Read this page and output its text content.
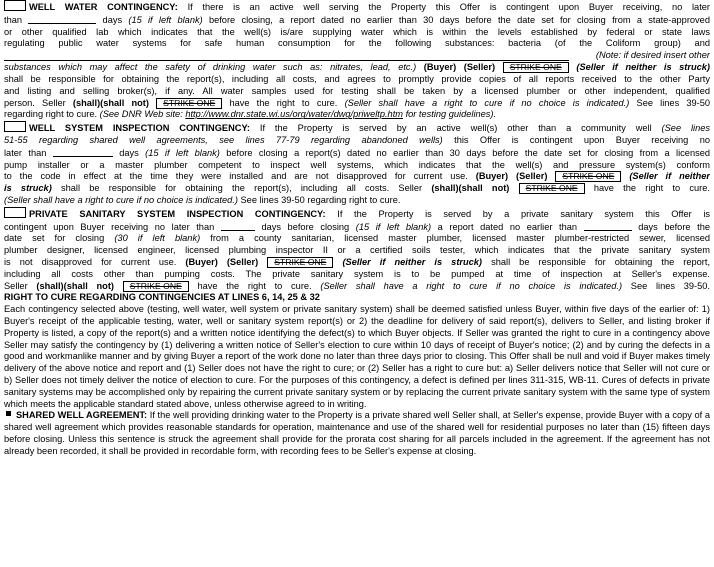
WELL WATER CONTINGENCY: If there is an active well serving the Property this Offer is contingent upon Buyer receiving, no later
than	days (15 if left blank) before closing, a report dated no earlier than 30 days before the date set for closing from a state-approved
or other qualified lab which indicates that the well(s) is/are supplying water which is within the levels established by federal or state laws
regulating public water systems for safe human consumption for the following substances: bacteria (of the Coliform group) and
(Note: if desired insert other
substances which may affect the safety of drinking water such as: nitrates, lead, etc.) (Buyer) (Seller) STRIKE ONE (Seller if neither is struck)
shall be responsible for obtaining the report(s), including all costs, and agrees to promptly provide copies of all reports received to the other Party
and listing and selling broker(s), if any. All water samples used for testing shall be taken by a licensed plumber or other independent, qualified
person. Seller (shall)(shall not) STRIKE ONE have the right to cure. (Seller shall have a right to cure if no choice is indicated.) See lines 39-50
regarding right to cure. (See DNR Web site: http://www.dnr.state.wi.us/org/water/dwg/priweltp.htm for testing guidelines).
WELL SYSTEM INSPECTION CONTINGENCY: If the Property is served by an active well(s) other than a community well (See lines
51-55 regarding shared well agreements, see lines 77-79 regarding abandoned wells) this Offer is contingent upon Buyer receiving no
later than	days (15 if left blank) before closing a report(s) dated no earlier than 30 days before the date set for closing from a licensed
pump installer or a master plumber competent to inspect well systems, which indicates that the well(s) and pressure system(s) conform
to the code in effect at the time they were installed and are not disapproved for current use. (Buyer) (Seller) STRIKE ONE (Seller if neither
is struck) shall be responsible for obtaining the report(s), including all costs. Seller (shall)(shall not) STRIKE ONE have the right to cure.
(Seller shall have a right to cure if no choice is indicated.) See lines 39-50 regarding right to cure.
PRIVATE SANITARY SYSTEM INSPECTION CONTINGENCY: If the Property is served by a private sanitary system this Offer is
contingent upon Buyer receiving no later than	days before closing (15 if left blank) a report dated no earlier than	days before the
date set for closing (30 if left blank) from a county sanitarian, licensed master plumber, licensed master plumber-restricted sewer, licensed
plumber designer, licensed engineer, licensed plumbing inspector II or a certified soils tester, which indicates that the private sanitary system
is not disapproved for current use. (Buyer) (Seller) STRIKE ONE (Seller if neither is struck) shall be responsible for obtaining the report,
including all costs other than pumping costs. The private sanitary system is to be pumped at time of inspection at Seller's expense.
Seller (shall)(shall not) STRIKE ONE have the right to cure. (Seller shall have a right to cure if no choice is indicated.) See lines 39-50.
RIGHT TO CURE REGARDING CONTINGENCIES AT LINES 6, 14, 25 & 32

Each contingency selected above (testing, well water, well system or private sanitary system) shall be deemed satisfied unless Buyer, within five days of the earlier of: 1) Buyer's receipt of the applicable testing, water, well or sanitary system report(s) or 2) the deadline for delivery of said report(s), delivers to Seller, and listing broker if Property is listed, a copy of the report(s) and a written notice identifying the defect(s) to which Buyer objects. If Seller was granted the right to cure in a contingency above Seller may satisfy the contingency by (1) delivering a written notice of Seller's election to cure within 10 days of receipt of Buyer's notice; (2) and by curing the defects in a good and workmanlike manner and by giving Buyer a report of the work done no later than three days prior to closing. This Offer shall be null and void if Buyer makes timely delivery of the above notice and report and (1) Seller does not have the right to cure; or (2) Seller has a right to cure but: a) Seller delivers notice that Seller will not cure or b) Seller does not timely deliver the notice of election to cure. For the purposes of this contingency, a defect is defined per lines 311-315, WB-11. Cures of defects in private sanitary systems may be accomplished only by repairing the current private sanitary system or by replacing the current private sanitary system with the same type of system which meets the applicable standard stated above, unless otherwise agreed to in writing.

SHARED WELL AGREEMENT: If the well providing drinking water to the Property is a private shared well Seller shall, at Seller's expense, provide Buyer with a copy of a shared well agreement which provides reasonable standards for operation, maintenance and use of the shared well for residential purposes no later than (15) fifteen days before closing. Unless this sentence is struck the agreement shall provide for the prorata cost sharing for all parcels included in the agreement. If the agreement has not already been recorded, it shall be provided in recordable form, with recording fees to be Seller's expense at closing.
